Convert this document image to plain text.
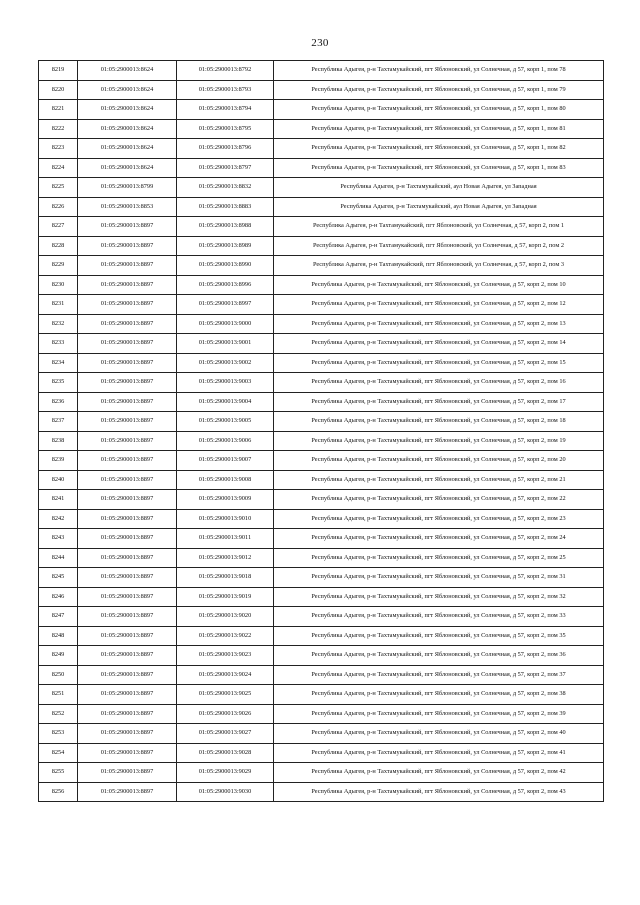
230
8219	01:05:2900013:8624	01:05:2900013:8792	Республика Адыгея, р-н Тахтамукайский, пгт Яблоновский, ул Солнечная, д 57, корп 1, пом 78
8220	01:05:2900013:8624	01:05:2900013:8793	Республика Адыгея, р-н Тахтамукайский, пгт Яблоновский, ул Солнечная, д 57, корп 1, пом 79
8221	01:05:2900013:8624	01:05:2900013:8794	Республика Адыгея, р-н Тахтамукайский, пгт Яблоновский, ул Солнечная, д 57, корп 1, пом 80
8222	01:05:2900013:8624	01:05:2900013:8795	Республика Адыгея, р-н Тахтамукайский, пгт Яблоновский, ул Солнечная, д 57, корп 1, пом 81
8223	01:05:2900013:8624	01:05:2900013:8796	Республика Адыгея, р-н Тахтамукайский, пгт Яблоновский, ул Солнечная, д 57, корп 1, пом 82
8224	01:05:2900013:8624	01:05:2900013:8797	Республика Адыгея, р-н Тахтамукайский, пгт Яблоновский, ул Солнечная, д 57, корп 1, пом 83
8225	01:05:2900013:8799	01:05:2900013:8832	Республика Адыгея, р-н Тахтамукайский, аул Новая Адыгея, ул Западная
8226	01:05:2900013:8853	01:05:2900013:8883	Республика Адыгея, р-н Тахтамукайский, аул Новая Адыгея, ул Западная
8227	01:05:2900013:8897	01:05:2900013:8988	Республика Адыгея, р-н Тахтамукайский, пгт Яблоновский, ул Солнечная, д 57, корп 2, пом 1
8228	01:05:2900013:8897	01:05:2900013:8989	Республика Адыгея, р-н Тахтамукайский, пгт Яблоновский, ул Солнечная, д 57, корп 2, пом 2
8229	01:05:2900013:8897	01:05:2900013:8990	Республика Адыгея, р-н Тахтамукайский, пгт Яблоновский, ул Солнечная, д 57, корп 2, пом 3
8230	01:05:2900013:8897	01:05:2900013:8996	Республика Адыгея, р-н Тахтамукайский, пгт Яблоновский, ул Солнечная, д 57, корп 2, пом 10
8231	01:05:2900013:8897	01:05:2900013:8997	Республика Адыгея, р-н Тахтамукайский, пгт Яблоновский, ул Солнечная, д 57, корп 2, пом 12
8232	01:05:2900013:8897	01:05:2900013:9000	Республика Адыгея, р-н Тахтамукайский, пгт Яблоновский, ул Солнечная, д 57, корп 2, пом 13
8233	01:05:2900013:8897	01:05:2900013:9001	Республика Адыгея, р-н Тахтамукайский, пгт Яблоновский, ул Солнечная, д 57, корп 2, пом 14
8234	01:05:2900013:8897	01:05:2900013:9002	Республика Адыгея, р-н Тахтамукайский, пгт Яблоновский, ул Солнечная, д 57, корп 2, пом 15
8235	01:05:2900013:8897	01:05:2900013:9003	Республика Адыгея, р-н Тахтамукайский, пгт Яблоновский, ул Солнечная, д 57, корп 2, пом 16
8236	01:05:2900013:8897	01:05:2900013:9004	Республика Адыгея, р-н Тахтамукайский, пгт Яблоновский, ул Солнечная, д 57, корп 2, пом 17
8237	01:05:2900013:8897	01:05:2900013:9005	Республика Адыгея, р-н Тахтамукайский, пгт Яблоновский, ул Солнечная, д 57, корп 2, пом 18
8238	01:05:2900013:8897	01:05:2900013:9006	Республика Адыгея, р-н Тахтамукайский, пгт Яблоновский, ул Солнечная, д 57, корп 2, пом 19
8239	01:05:2900013:8897	01:05:2900013:9007	Республика Адыгея, р-н Тахтамукайский, пгт Яблоновский, ул Солнечная, д 57, корп 2, пом 20
8240	01:05:2900013:8897	01:05:2900013:9008	Республика Адыгея, р-н Тахтамукайский, пгт Яблоновский, ул Солнечная, д 57, корп 2, пом 21
8241	01:05:2900013:8897	01:05:2900013:9009	Республика Адыгея, р-н Тахтамукайский, пгт Яблоновский, ул Солнечная, д 57, корп 2, пом 22
8242	01:05:2900013:8897	01:05:2900013:9010	Республика Адыгея, р-н Тахтамукайский, пгт Яблоновский, ул Солнечная, д 57, корп 2, пом 23
8243	01:05:2900013:8897	01:05:2900013:9011	Республика Адыгея, р-н Тахтамукайский, пгт Яблоновский, ул Солнечная, д 57, корп 2, пом 24
8244	01:05:2900013:8897	01:05:2900013:9012	Республика Адыгея, р-н Тахтамукайский, пгт Яблоновский, ул Солнечная, д 57, корп 2, пом 25
8245	01:05:2900013:8897	01:05:2900013:9018	Республика Адыгея, р-н Тахтамукайский, пгт Яблоновский, ул Солнечная, д 57, корп 2, пом 31
8246	01:05:2900013:8897	01:05:2900013:9019	Республика Адыгея, р-н Тахтамукайский, пгт Яблоновский, ул Солнечная, д 57, корп 2, пом 32
8247	01:05:2900013:8897	01:05:2900013:9020	Республика Адыгея, р-н Тахтамукайский, пгт Яблоновский, ул Солнечная, д 57, корп 2, пом 33
8248	01:05:2900013:8897	01:05:2900013:9022	Республика Адыгея, р-н Тахтамукайский, пгт Яблоновский, ул Солнечная, д 57, корп 2, пом 35
8249	01:05:2900013:8897	01:05:2900013:9023	Республика Адыгея, р-н Тахтамукайский, пгт Яблоновский, ул Солнечная, д 57, корп 2, пом 36
8250	01:05:2900013:8897	01:05:2900013:9024	Республика Адыгея, р-н Тахтамукайский, пгт Яблоновский, ул Солнечная, д 57, корп 2, пом 37
8251	01:05:2900013:8897	01:05:2900013:9025	Республика Адыгея, р-н Тахтамукайский, пгт Яблоновский, ул Солнечная, д 57, корп 2, пом 38
8252	01:05:2900013:8897	01:05:2900013:9026	Республика Адыгея, р-н Тахтамукайский, пгт Яблоновский, ул Солнечная, д 57, корп 2, пом 39
8253	01:05:2900013:8897	01:05:2900013:9027	Республика Адыгея, р-н Тахтамукайский, пгт Яблоновский, ул Солнечная, д 57, корп 2, пом 40
8254	01:05:2900013:8897	01:05:2900013:9028	Республика Адыгея, р-н Тахтамукайский, пгт Яблоновский, ул Солнечная, д 57, корп 2, пом 41
8255	01:05:2900013:8897	01:05:2900013:9029	Республика Адыгея, р-н Тахтамукайский, пгт Яблоновский, ул Солнечная, д 57, корп 2, пом 42
8256	01:05:2900013:8897	01:05:2900013:9030	Республика Адыгея, р-н Тахтамукайский, пгт Яблоновский, ул Солнечная, д 57, корп 2, пом 43
